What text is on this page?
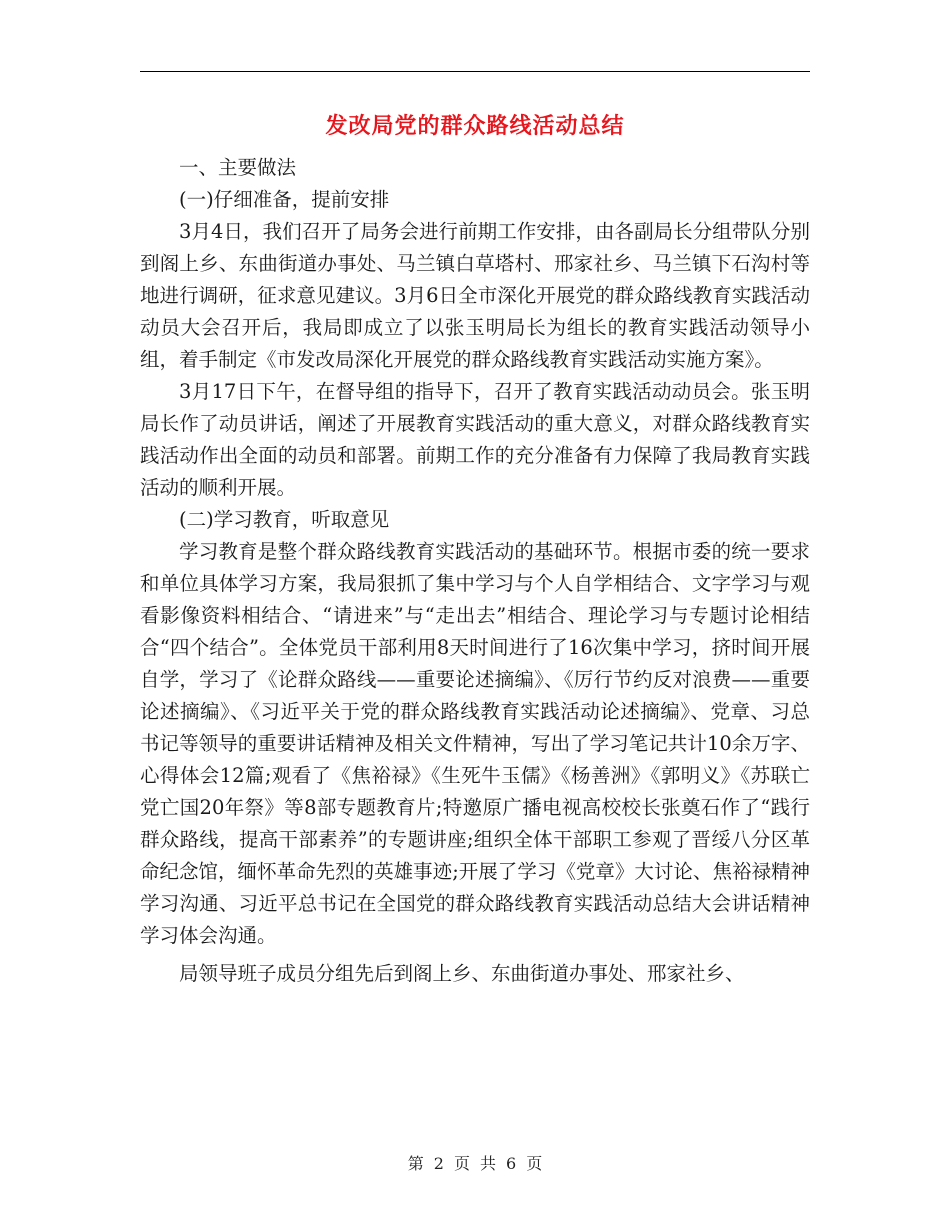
发改局党的群众路线活动总结

一、主要做法

(一)仔细准备，提前安排

3月4日，我们召开了局务会进行前期工作安排，由各副局长分组带队分别到阁上乡、东曲街道办事处、马兰镇白草塔村、邢家社乡、马兰镇下石沟村等地进行调研，征求意见建议。3月6日全市深化开展党的群众路线教育实践活动动员大会召开后，我局即成立了以张玉明局长为组长的教育实践活动领导小组，着手制定《市发改局深化开展党的群众路线教育实践活动实施方案》。

3月17日下午，在督导组的指导下，召开了教育实践活动动员会。张玉明局长作了动员讲话，阐述了开展教育实践活动的重大意义，对群众路线教育实践活动作出全面的动员和部署。前期工作的充分准备有力保障了我局教育实践活动的顺利开展。

(二)学习教育，听取意见

学习教育是整个群众路线教育实践活动的基础环节。根据市委的统一要求和单位具体学习方案，我局狠抓了集中学习与个人自学相结合、文字学习与观看影像资料相结合、“请进来”与“走出去”相结合、理论学习与专题讨论相结合“四个结合”。全体党员干部利用8天时间进行了16次集中学习，挤时间开展自学，学习了《论群众路线——重要论述摘编》、《厉行节约反对浪费——重要论述摘编》、《习近平关于党的群众路线教育实践活动论述摘编》、党章、习总书记等领导的重要讲话精神及相关文件精神，写出了学习笔记共计10余万字、心得体会12篇;观看了《焦裕禄》《生死牛玉儒》《杨善洲》《郭明义》《苏联亡党亡国20年祭》等8部专题教育片;特邀原广播电视高校校长张奠石作了“践行群众路线，提高干部素养”的专题讲座;组织全体干部职工参观了晋绥八分区革命纪念馆，缅怀革命先烈的英雄事迹;开展了学习《党章》大讨论、焦裕禄精神学习沟通、习近平总书记在全国党的群众路线教育实践活动总结大会讲话精神学习体会沟通。

局领导班子成员分组先后到阁上乡、东曲街道办事处、邢家社乡、

第 2 页 共 6 页
